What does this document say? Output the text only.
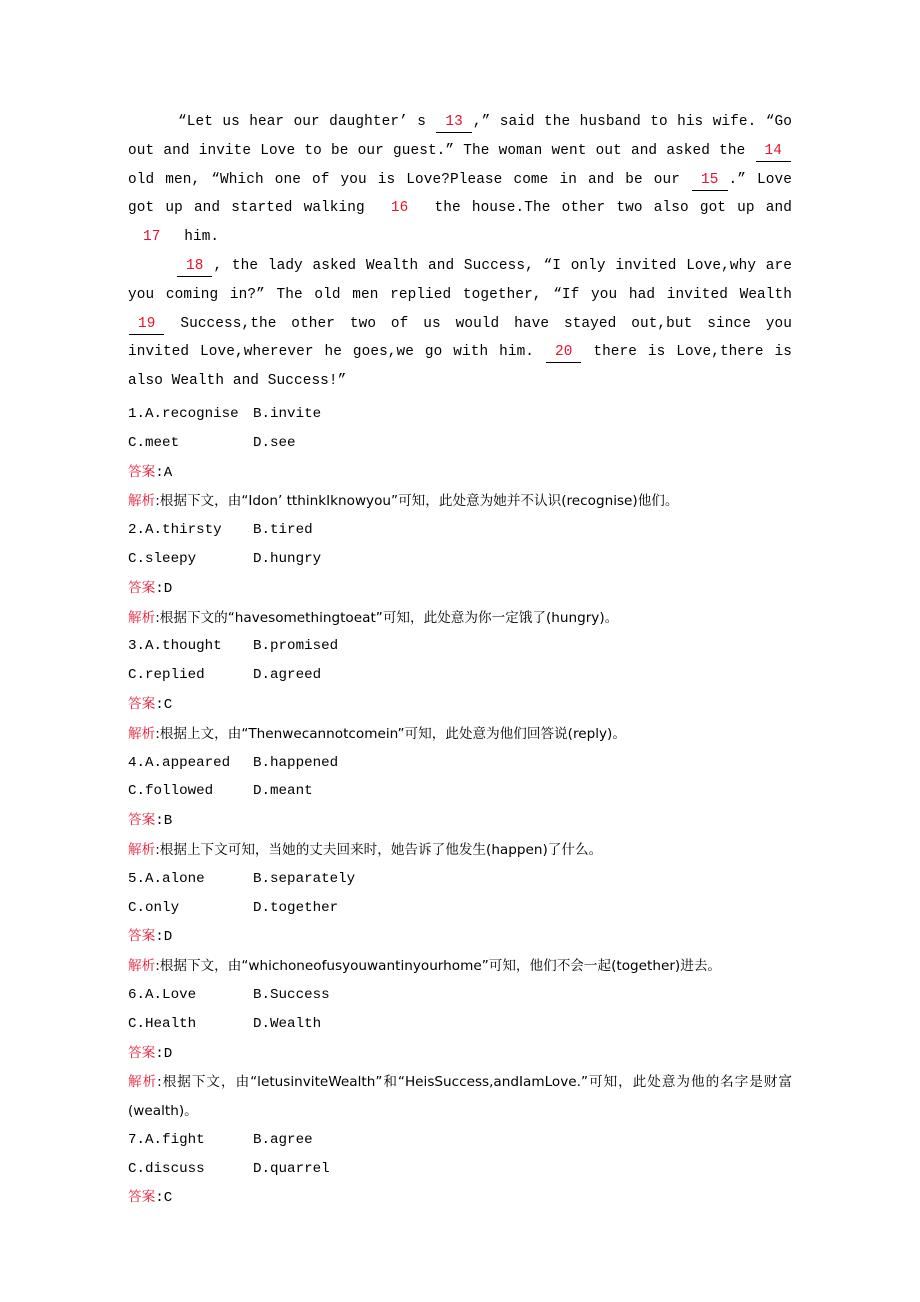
“Let us hear our daughter’ s 13 ,” said the husband to his wife. “Go out and invite Love to be our guest.” The woman went out and asked the 14 old men, “Which one of you is Love?Please come in and be our 15 .” Love got up and started walking 16 the house.The other two also got up and 17 him.

18 , the lady asked Wealth and Success, “I only invited Love,why are you coming in?” The old men replied together, “If you had invited Wealth 19 Success,the other two of us would have stayed out,but since you invited Love,wherever he goes,we go with him. 20 there is Love,there is also Wealth and Success!”

1.A.recognise B.invite
C.meet	D.see
答案:A
解析:根据下文，由“Idon’ tthinkIknowyou”可知，此处意为她并不认识(recognise)他们。
2.A.thirsty B.tired
C.sleepy	D.hungry
答案:D
解析:根据下文的“havesomethingtoeat”可知，此处意为你一定饿了(hungry)。
3.A.thought B.promised
C.replied	D.agreed
答案:C
解析:根据上文，由“Thenwecannotcomein”可知，此处意为他们回答说(reply)。
4.A.appeared B.happened
C.followed	D.meant
答案:B
解析:根据上下文可知，当她的丈夫回来时，她告诉了他发生(happen)了什么。
5.A.alone	B.separately
C.only	D.together
答案:D
解析:根据下文，由“whichoneofusyouwantinyourhome”可知，他们不会一起(together)进去。
6.A.Love	B.Success
C.Health	D.Wealth
答案:D
解析:根据下文，由“letusinviteWealth”和“HeisSuccess,andIamLove.”可知，此处意为他的名字是财富(wealth)。
7.A.fight	B.agree
C.discuss	D.quarrel
答案:C
